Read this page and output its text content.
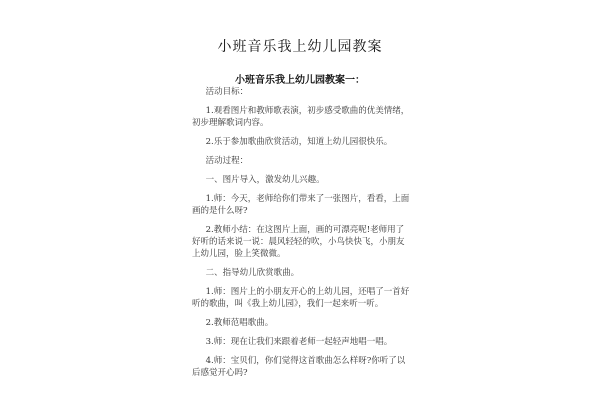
小班音乐我上幼儿园教案
小班音乐我上幼儿园教案一：

活动目标：

1.观看图片和教师歌表演，初步感受歌曲的优美情绪，初步理解歌词内容。

2.乐于参加歌曲欣赏活动，知道上幼儿园很快乐。

活动过程：

一、图片导入，激发幼儿兴趣。

1.师：今天，老师给你们带来了一张图片，看看，上面画的是什么呀?

2.教师小结：在这图片上面，画的可漂亮呢!老师用了好听的话来说一说：晨风轻轻的吹，小鸟快快飞，小朋友上幼儿园，脸上笑微微。

二、指导幼儿欣赏歌曲。

1.师：图片上的小朋友开心的上幼儿园，还唱了一首好听的歌曲，叫《我上幼儿园》，我们一起来听一听。

2.教师范唱歌曲。

3.师：现在让我们来跟着老师一起轻声地唱一唱。

4.师：宝贝们，你们觉得这首歌曲怎么样呀?你听了以后感觉开心吗?
